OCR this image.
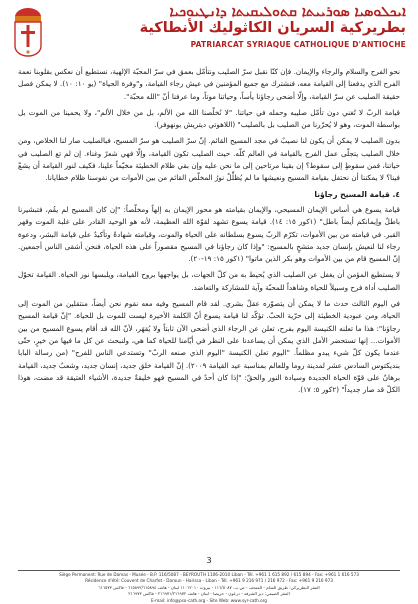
ܐܝܟܠܘܣܝܐ ܣܘܪܝܝܬܐ ܩܬܘܠܝܩܝܬܐ ܕܐܢܛܝܘܟܝܐ
بطريركية السريان الكاثوليك الأنطاكية
PATRIARCAT SYRIAQUE CATHOLIQUE D'ANTIOCHE

نحو الفرح والسلام والرجاء والإيمان. فإن كنّا نقبل سرّ الصليب ونتأمّل بعمق في سرّ المحبّة الإلهية، نستطيع أن نعكس بقلوبنا نعمة الفرح الذي يدفعنا إلى القيامة معه، فنشترك مع جميع المؤمنين في عيش رجاء القيامة، و"وفرة الحياة" (يو ١٠: ١٠). لا يمكن فصل حقيقة الصليب عن سرّ القيامة، وإلّا أضحى رجاؤنا يأساً، وحياتنا موتاً، وما عرفنا أنّ "الله محبّة".

قيامة الربّ لا تُغني دون تأمّل صليبه وحمله في حياتنا. "لا نُخلّصنا الله من الألم، بل من خلال الألم"، ولا يحمينا من الموت بل بواسطة الموت، وهو لا يُحرّرنا من الصليب بل بالصليب" (اللاهوتي ديتريش بونهوفر).

بدون الصليب لا يمكن أن يكون لنا نصيبٌ في مجد المسيح القائم. إنّ سرّ الصليب هو سرّ المسيح، فبالصليب صار لنا الخلاص، ومن خلال الصليب يتجلّى عمل الفرح بالقيامة في العالم كلّه. حيث الصليب تكون القيامة، وإلّا فهي شعرٌ وغناء. إن لم تع الصليب في حياتنا، فمن سقوطٍ إلى سقوط؟ إن بقينا مرتاحين إلى ما نحن عليه وإن بقي ظلام الخطيئة مخيّماً علينا، فكيف لنور القيامة أن يشعّ فينا؟ لا يمكننا أن نحتفل بقيامة المسيح ونعيشها ما لم يُظلِّلْ نورُ المخلّص القائم من بين الأموات من نفوسنا ظلام خطايانا.

٤. قيامة المسيح رجاؤنا

قيامة يسوع هي أساس الإيمان المسيحي، والإيمان بقيامته هو محور الإيمان به إلهاً ومخلّصاً: "إن كان المسيح لم يقُم، فتبشيرنا باطلٌ وإيمانكم أيضاً باطل" (١كور ١٥: ١٤). قيامة يسوع تشهد لقوّة الله العظيمة، لأنه هو الوحيد القادر على غلبة الموت وقهر القبر. في قيامته من بين الأموات، تكرّم الربّ يسوع بسلطانه على الحياة والموت، وقيامته شهادةٌ وتأكيدٌ على قيامة البشر، ودعوة رجاء لنا لنعيش بإنسان جديد متشحٍ بالمسيح: "وإذا كان رجاؤنا في المسيح مقصوراً على هذه الحياة، فنحن أشقى الناس أجمعين. إنّ المسيح قام من بين الأموات وهو بكر الذين ماتوا" (١كور ١٥: ١٩-٢٠).

لا يستطيع المؤمن أن يغفل عن الصليب الذي يُحيط به من كلّ الجهات، بل يواجهها بروح القيامة، ويلبسها نور الحياة. القيامة تحوّل الصليب أداة فرح وسبيلاً للحياة وشاهداً للمحبّة وآية للمشاركة والتعاضد.

في اليوم الثالث حدث ما لا يمكن أن يتصوّره عقلٌ بشري. لقد قام المسيح وفيه معه نقوم نحن أيضاً، منتقلين من الموت إلى الحياة، ومن عبودية الخطيئة إلى حرّية الحبّ. تؤكّد لنا قيامة يسوع أنّ الكلمة الأخيرة ليست للموت بل للحياة. "إنّ قيامة المسيح رجاؤنا": هذا ما تعلنه الكنيسة اليوم بفرح، تعلن عن الرجاء الذي أضحى الآن ثابتاً ولا يُقهَر، لأنّ الله قد أقام يسوع المسيح من بين الأموات... إنها تستحضر الأمل الذي يمكن أن يساعدنا على النظر في أيّامنا للحياة كما هي، ولنبحث عن كل ما فيها من خيرٍ، حتّى عندما يكون كلّ شيء يبدو مظلماً. "اليوم تعلن الكنيسة "اليوم الذي صنعه الربّ" وتستدعي الناس للفرح" (من رسالة البابا بنديكتوس السادس عشر لمدينة روما وللعالم بمناسبة عيد القيامة ٢٠٠٩). إنّ القيامة خلق جديد، إنسان جديد، وشعبٌ جديد، القيامة برهانٌ على قوّة الحياة الجديدة وسيادة النور والحقّ: "إذا كان أحدٌ في المسيح فهو خليقةٌ جديدة، الأشياء العتيقة قد مضت، هوذا الكلّ قد صار جديداً" (٢كور ٥: ١٧).

3
Siège Permanent: Rue de Damas - Musée - B.P. 116/5087 - BEYROUTH 1106-2010 Liban - Tél. +961 1 615 892 / 615 894 - Fax: +961 1 616 573
Résidence d'été: Couvent de Charfet - Daroun - Harissa - Liban - Tél. +961 9 216 971 / 216 972 - Fax: +961 9 216 973
المقر البطريركي: طريق الشام - المتحف - ص.ب. ١١٦/٥٠٨٧ - بيروت ١١٠٦٢٠١٠ لبنان - هاتف ٦١٥٨٩٢/٦١٥٨٩٤ - فاكس ٦١٦٥٧٣
المقر الصيفي: دير الشرفة - درعون - حريصا - لبنان - هاتف ٢١٦٩٧١/٢١٦٩٧٢ - فاكس ٢١٦٩٧٣
E-mail: info@pso-cath.org - Site Web: www.syr-cath.org
